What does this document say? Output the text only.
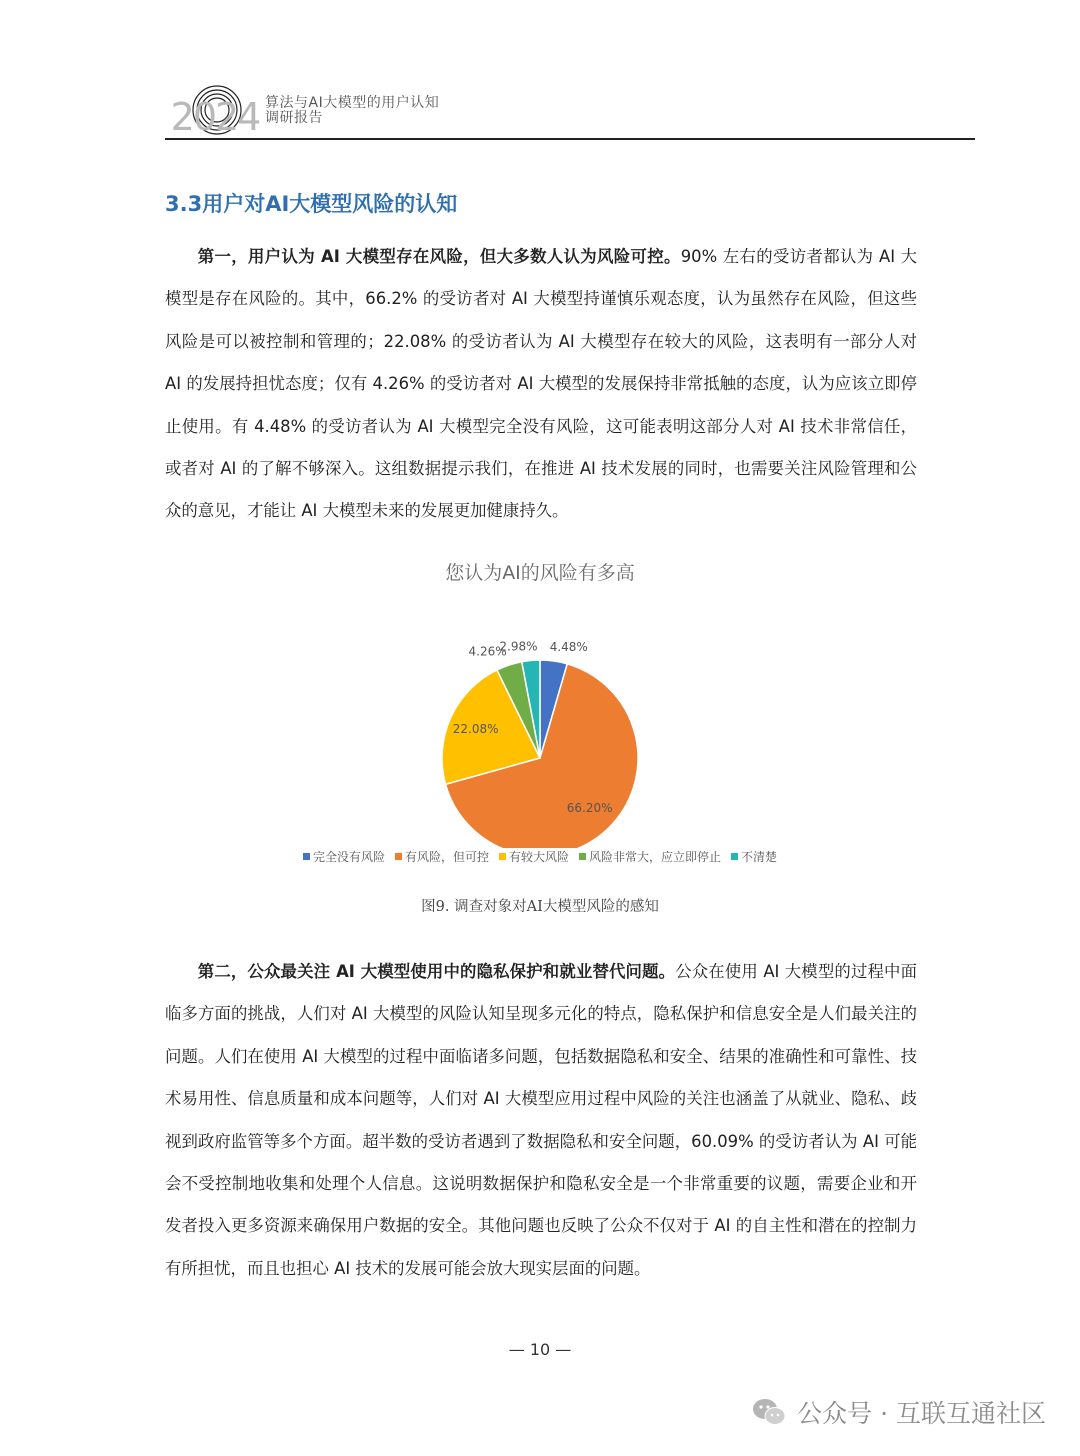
2024 算法与AI大模型的用户认知
调研报告
3.3用户对AI大模型风险的认知

第一，用户认为 AI 大模型存在风险，但大多数人认为风险可控。90% 左右的受访者都认为 AI 大模型是存在风险的。其中，66.2% 的受访者对 AI 大模型持谨慎乐观态度，认为虽然存在风险，但这些风险是可以被控制和管理的；22.08% 的受访者认为 AI 大模型存在较大的风险，这表明有一部分人对 AI 的发展持担忧态度；仅有 4.26% 的受访者对 AI 大模型的发展保持非常抵触的态度，认为应该立即停止使用。有 4.48% 的受访者认为 AI 大模型完全没有风险，这可能表明这部分人对 AI 技术非常信任，或者对 AI 的了解不够深入。这组数据提示我们，在推进 AI 技术发展的同时，也需要关注风险管理和公众的意见，才能让 AI 大模型未来的发展更加健康持久。

4.48%
66.20%
22.08%
4.26%
2.98%
您认为AI的风险有多高
完全没有风险 有风险，但可控 有较大风险 风险非常大，应立即停止 不清楚
图9. 调查对象对AI大模型风险的感知

第二，公众最关注 AI 大模型使用中的隐私保护和就业替代问题。公众在使用 AI 大模型的过程中面临多方面的挑战，人们对 AI 大模型的风险认知呈现多元化的特点，隐私保护和信息安全是人们最关注的问题。人们在使用 AI 大模型的过程中面临诸多问题，包括数据隐私和安全、结果的准确性和可靠性、技术易用性、信息质量和成本问题等，人们对 AI 大模型应用过程中风险的关注也涵盖了从就业、隐私、歧视到政府监管等多个方面。超半数的受访者遇到了数据隐私和安全问题，60.09% 的受访者认为 AI 可能会不受控制地收集和处理个人信息。这说明数据保护和隐私安全是一个非常重要的议题，需要企业和开发者投入更多资源来确保用户数据的安全。其他问题也反映了公众不仅对于 AI 的自主性和潜在的控制力有所担忧，而且也担心 AI 技术的发展可能会放大现实层面的问题。

— 10 —
公众号 · 互联互通社区
